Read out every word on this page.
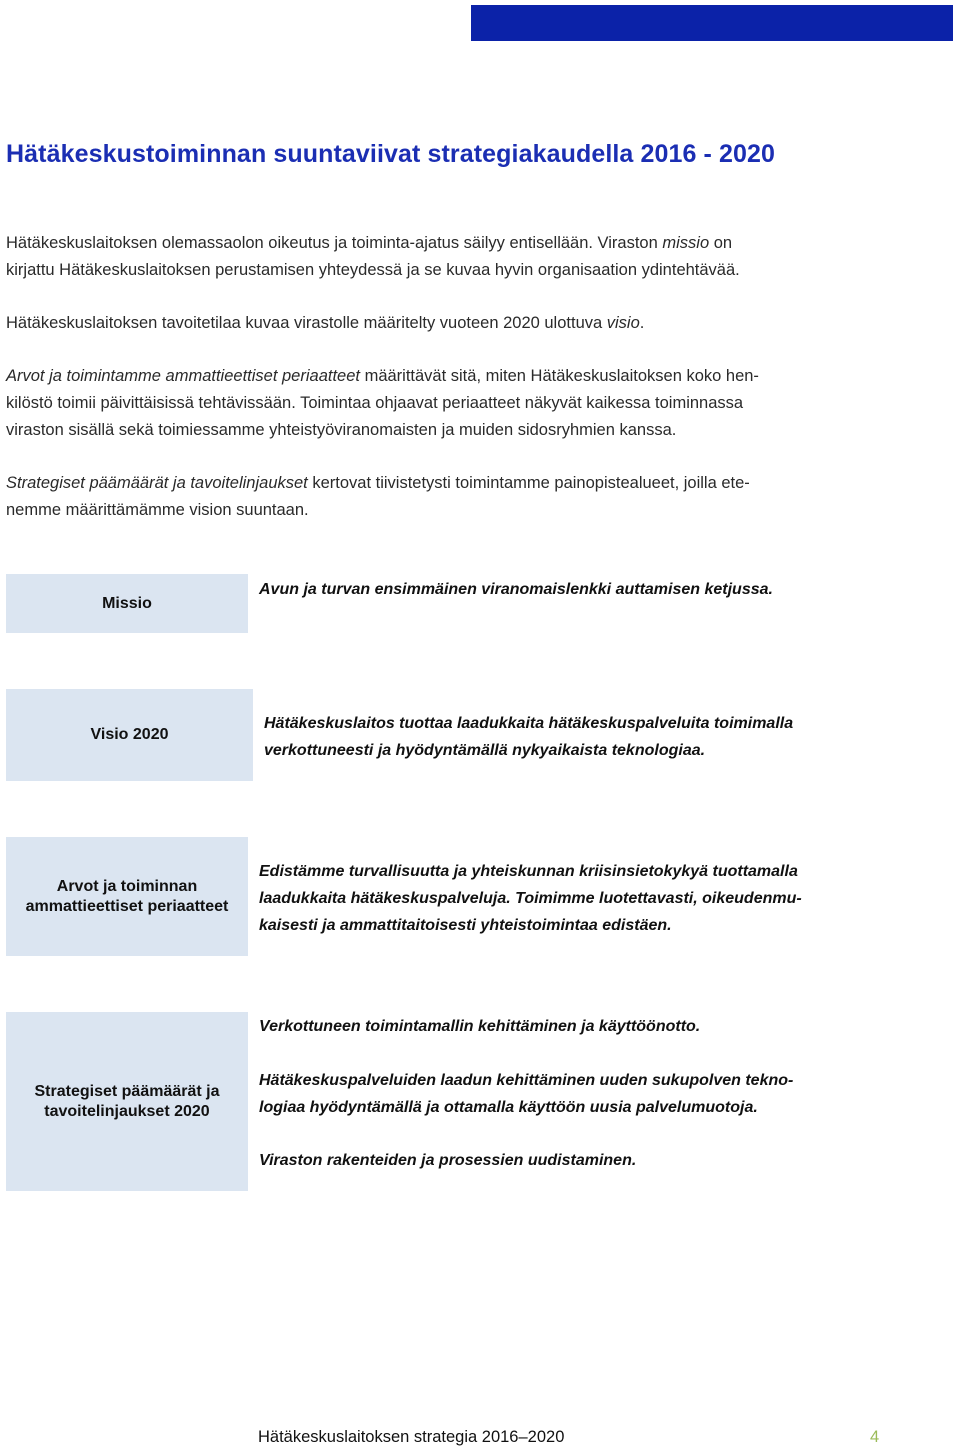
Hätäkeskustoiminnan suuntaviivat strategiakaudella 2016 - 2020

Hätäkeskuslaitoksen olemassaolon oikeutus ja toiminta-ajatus säilyy entisellään. Viraston missio on
kirjattu Hätäkeskuslaitoksen perustamisen yhteydessä ja se kuvaa hyvin organisaation ydintehtävää.

Hätäkeskuslaitoksen tavoitetilaa kuvaa virastolle määritelty vuoteen 2020 ulottuva visio.

Arvot ja toimintamme ammattieettiset periaatteet määrittävät sitä, miten Hätäkeskuslaitoksen koko hen-
kilöstö toimii päivittäisissä tehtävissään. Toimintaa ohjaavat periaatteet näkyvät kaikessa toiminnassa
viraston sisällä sekä toimiessamme yhteistyöviranomaisten ja muiden sidosryhmien kanssa.

Strategiset päämäärät ja tavoitelinjaukset kertovat tiivistetysti toimintamme painopistealueet, joilla ete-
nemme määrittämämme vision suuntaan.

Missio

Avun ja turvan ensimmäinen viranomaislenkki auttamisen ketjussa.

Visio 2020

Hätäkeskuslaitos tuottaa laadukkaita hätäkeskuspalveluita toimimalla
verkottuneesti ja hyödyntämällä nykyaikaista teknologiaa.

Arvot ja toiminnan
ammattieettiset periaatteet

Edistämme turvallisuutta ja yhteiskunnan kriisinsietokykyä tuottamalla
laadukkaita hätäkeskuspalveluja. Toimimme luotettavasti, oikeudenmu-
kaisesti ja ammattitaitoisesti yhteistoimintaa edistäen.

Strategiset päämäärät ja
tavoitelinjaukset 2020

Verkottuneen toimintamallin kehittäminen ja käyttöönotto.

Hätäkeskuspalveluiden laadun kehittäminen uuden sukupolven tekno-
logiaa hyödyntämällä ja ottamalla käyttöön uusia palvelumuotoja.

Viraston rakenteiden ja prosessien uudistaminen.

Hätäkeskuslaitoksen strategia 2016–2020	4
